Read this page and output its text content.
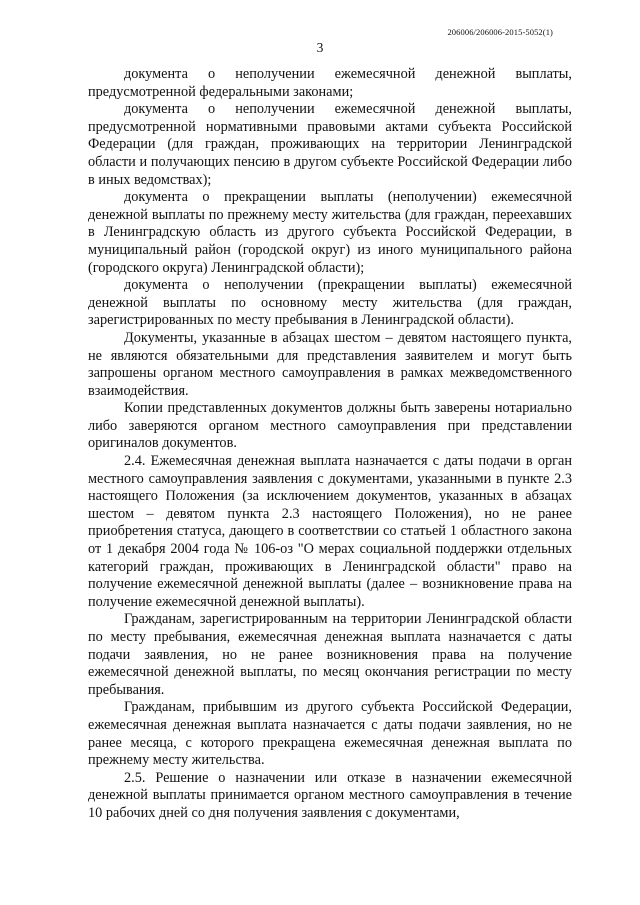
206006/206006-2015-5052(1)
3

документа о неполучении ежемесячной денежной выплаты, предусмотренной федеральными законами;

документа о неполучении ежемесячной денежной выплаты, предусмотренной нормативными правовыми актами субъекта Российской Федерации (для граждан, проживающих на территории Ленинградской области и получающих пенсию в другом субъекте Российской Федерации либо в иных ведомствах);

документа о прекращении выплаты (неполучении) ежемесячной денежной выплаты по прежнему месту жительства (для граждан, переехавших в Ленинградскую область из другого субъекта Российской Федерации, в муниципальный район (городской округ) из иного муниципального района (городского округа) Ленинградской области);

документа о неполучении (прекращении выплаты) ежемесячной денежной выплаты по основному месту жительства (для граждан, зарегистрированных по месту пребывания в Ленинградской области).

Документы, указанные в абзацах шестом – девятом настоящего пункта, не являются обязательными для представления заявителем и могут быть запрошены органом местного самоуправления в рамках межведомственного взаимодействия.

Копии представленных документов должны быть заверены нотариально либо заверяются органом местного самоуправления при представлении оригиналов документов.

2.4. Ежемесячная денежная выплата назначается с даты подачи в орган местного самоуправления заявления с документами, указанными в пункте 2.3 настоящего Положения (за исключением документов, указанных в абзацах шестом – девятом пункта 2.3 настоящего Положения), но не ранее приобретения статуса, дающего в соответствии со статьей 1 областного закона от 1 декабря 2004 года № 106-оз "О мерах социальной поддержки отдельных категорий граждан, проживающих в Ленинградской области" право на получение ежемесячной денежной выплаты (далее – возникновение права на получение ежемесячной денежной выплаты).

Гражданам, зарегистрированным на территории Ленинградской области по месту пребывания, ежемесячная денежная выплата назначается с даты подачи заявления, но не ранее возникновения права на получение ежемесячной денежной выплаты, по месяц окончания регистрации по месту пребывания.

Гражданам, прибывшим из другого субъекта Российской Федерации, ежемесячная денежная выплата назначается с даты подачи заявления, но не ранее месяца, с которого прекращена ежемесячная денежная выплата по прежнему месту жительства.

2.5. Решение о назначении или отказе в назначении ежемесячной денежной выплаты принимается органом местного самоуправления в течение 10 рабочих дней со дня получения заявления с документами,
